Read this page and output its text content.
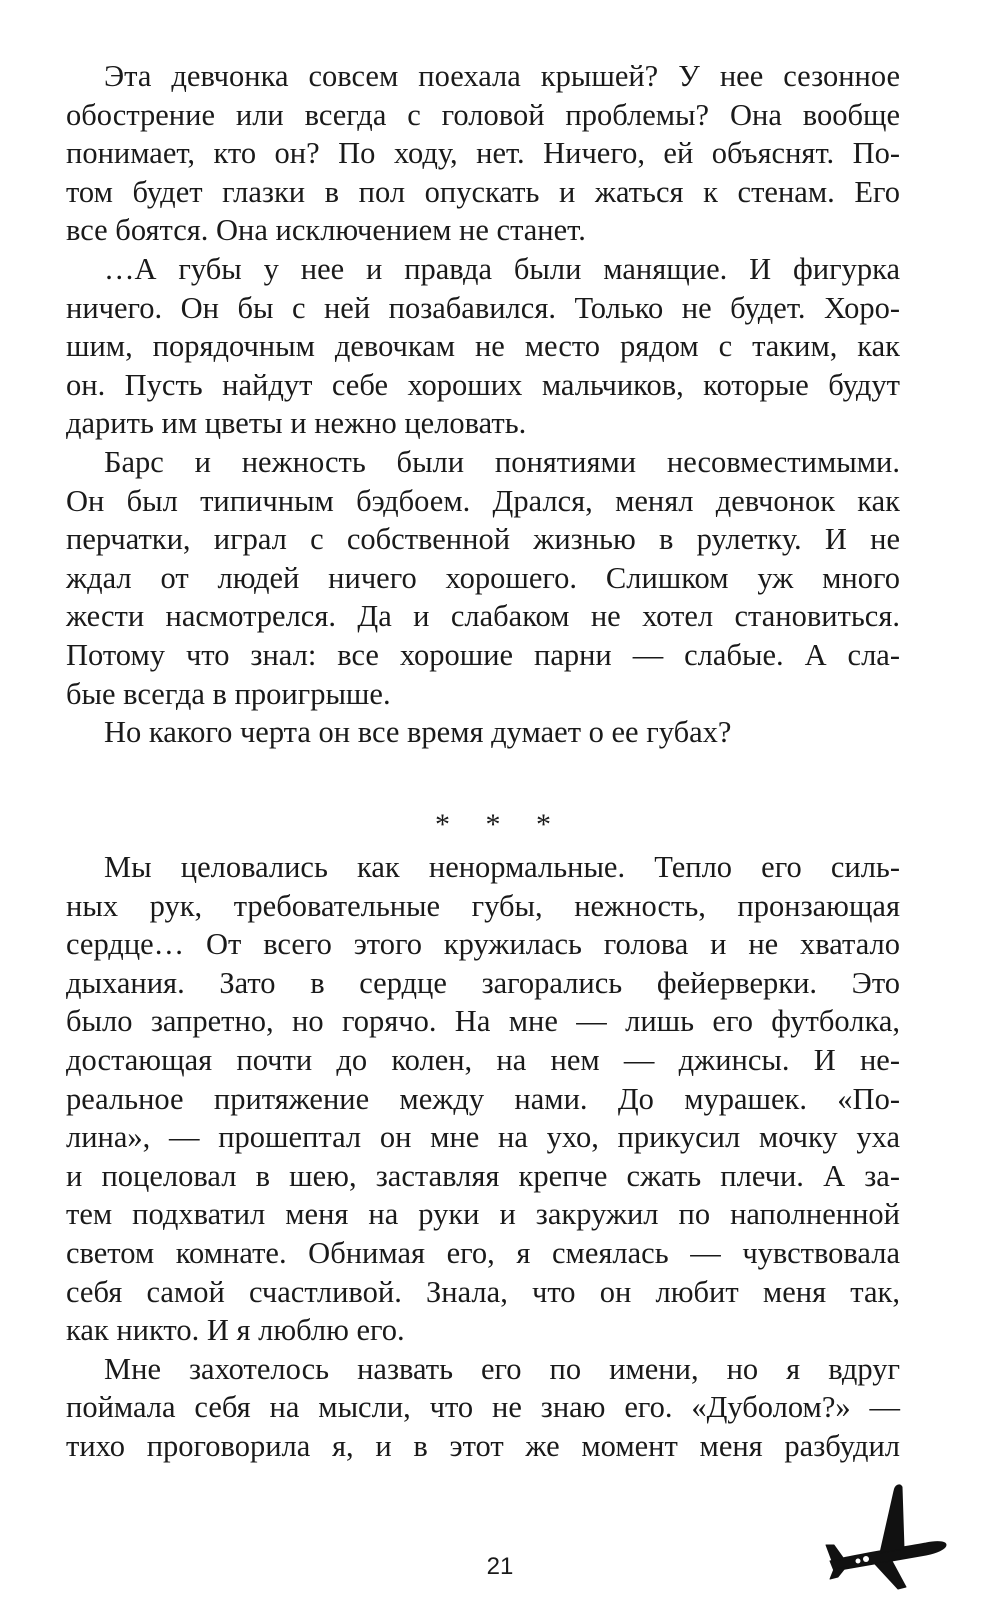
Эта девчонка совсем поехала крышей? У нее сезонное
обострение или всегда с головой проблемы? Она вообще
понимает, кто он? По ходу, нет. Ничего, ей объяснят. По-
том будет глазки в пол опускать и жаться к стенам. Его
все боятся. Она исключением не станет.

…А губы у нее и правда были манящие. И фигурка
ничего. Он бы с ней позабавился. Только не будет. Хоро-
шим, порядочным девочкам не место рядом с таким, как
он. Пусть найдут себе хороших мальчиков, которые будут
дарить им цветы и нежно целовать.

Барс и нежность были понятиями несовместимыми.
Он был типичным бэдбоем. Дрался, менял девчонок как
перчатки, играл с собственной жизнью в рулетку. И не
ждал от людей ничего хорошего. Слишком уж много
жести насмотрелся. Да и слабаком не хотел становиться.
Потому что знал: все хорошие парни — слабые. А сла-
бые всегда в проигрыше.

Но какого черта он все время думает о ее губах?

* * *

Мы целовались как ненормальные. Тепло его силь-
ных рук, требовательные губы, нежность, пронзающая
сердце… От всего этого кружилась голова и не хватало
дыхания. Зато в сердце загорались фейерверки. Это
было запретно, но горячо. На мне — лишь его футболка,
достающая почти до колен, на нем — джинсы. И не-
реальное притяжение между нами. До мурашек. «По-
лина», — прошептал он мне на ухо, прикусил мочку уха
и поцеловал в шею, заставляя крепче сжать плечи. А за-
тем подхватил меня на руки и закружил по наполненной
светом комнате. Обнимая его, я смеялась — чувствовала
себя самой счастливой. Знала, что он любит меня так,
как никто. И я люблю его.

Мне захотелось назвать его по имени, но я вдруг
поймала себя на мысли, что не знаю его. «Дуболом?» —
тихо проговорила я, и в этот же момент меня разбудил

21
